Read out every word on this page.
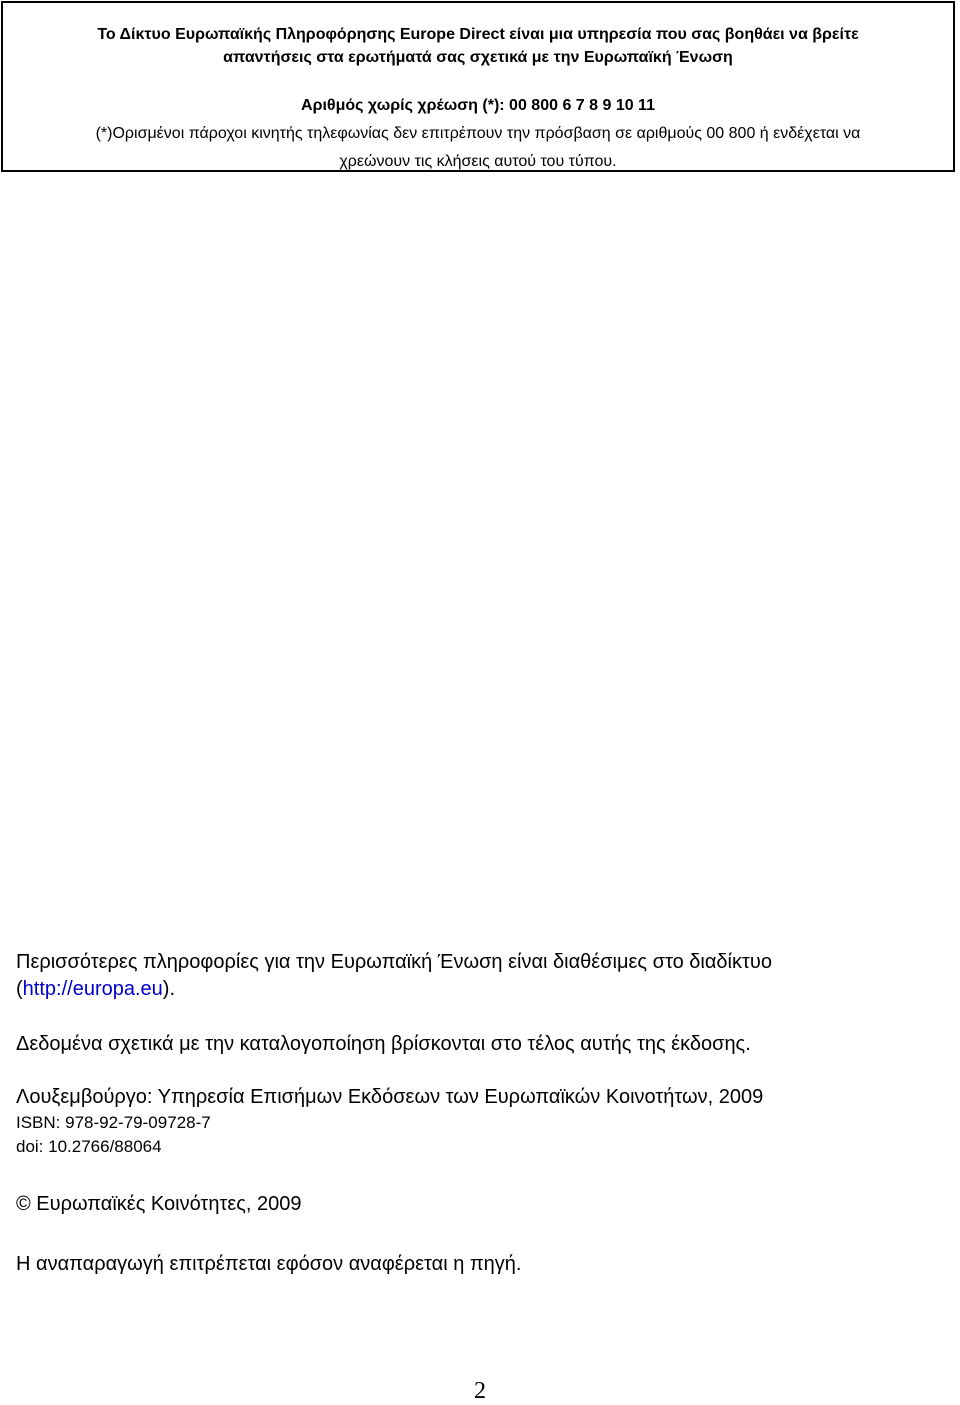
Το Δίκτυο Ευρωπαϊκής Πληροφόρησης Europe Direct είναι μια υπηρεσία που σας βοηθάει να βρείτε
απαντήσεις στα ερωτήματά σας σχετικά με την Ευρωπαϊκή Ένωση
Αριθμός χωρίς χρέωση (*): 00 800 6 7 8 9 10 11
(*)Ορισμένοι πάροχοι κινητής τηλεφωνίας δεν επιτρέπουν την πρόσβαση σε αριθμούς 00 800 ή ενδέχεται να
χρεώνουν τις κλήσεις αυτού του τύπου.
Περισσότερες πληροφορίες για την Ευρωπαϊκή Ένωση είναι διαθέσιμες στο διαδίκτυο
(http://europa.eu).
Δεδομένα σχετικά με την καταλογοποίηση βρίσκονται στο τέλος αυτής της έκδοσης.
Λουξεμβούργο: Υπηρεσία Επισήμων Εκδόσεων των Ευρωπαϊκών Κοινοτήτων, 2009
ISBN: 978-92-79-09728-7
doi: 10.2766/88064
© Ευρωπαϊκές Κοινότητες, 2009
Η αναπαραγωγή επιτρέπεται εφόσον αναφέρεται η πηγή.
2
